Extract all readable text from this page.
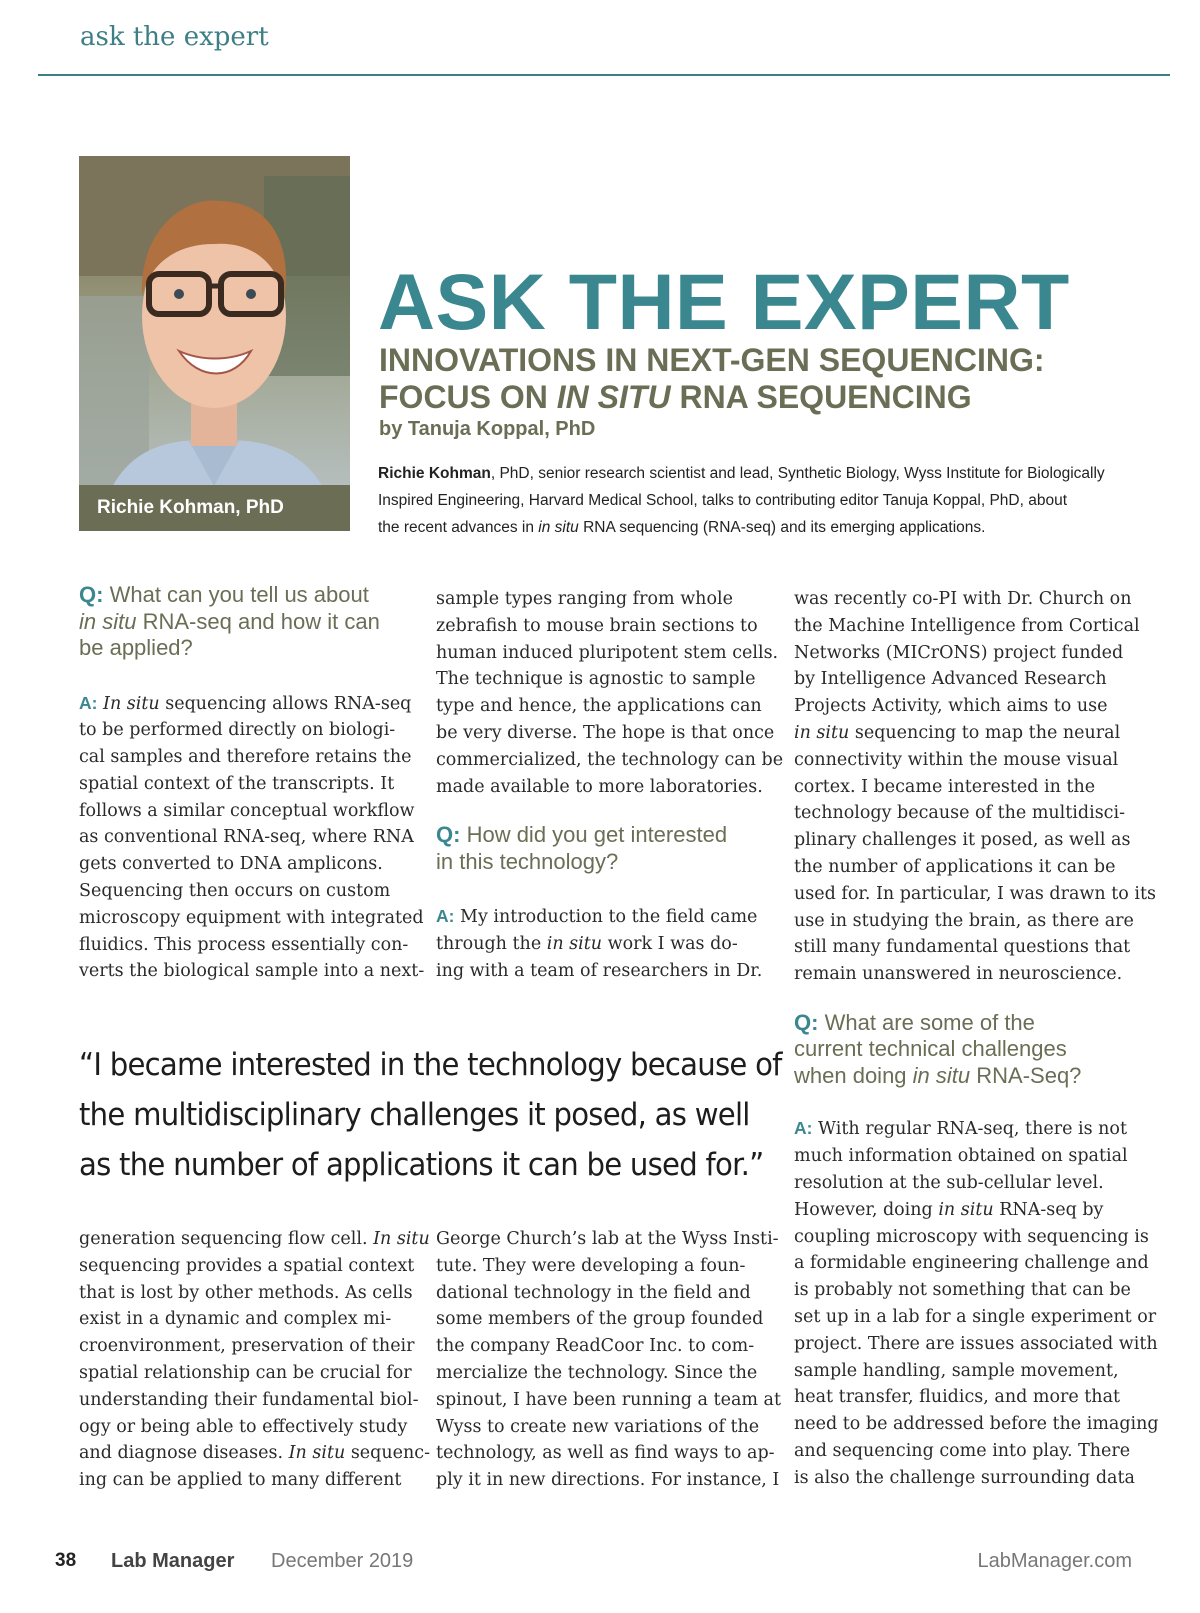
ask the expert
Richie Kohman, PhD
ASK THE EXPERT
INNOVATIONS IN NEXT-GEN SEQUENCING:
FOCUS ON IN SITU RNA SEQUENCING
by Tanuja Koppal, PhD
Richie Kohman, PhD, senior research scientist and lead, Synthetic Biology, Wyss Institute for Biologically
Inspired Engineering, Harvard Medical School, talks to contributing editor Tanuja Koppal, PhD, about
the recent advances in in situ RNA sequencing (RNA-seq) and its emerging applications.
Q: What can you tell us about
in situ RNA-seq and how it can
be applied?

A: In situ sequencing allows RNA-seq

to be performed directly on biologi-

cal samples and therefore retains the

spatial context of the transcripts. It

follows a similar conceptual workflow

as conventional RNA-seq, where RNA

gets converted to DNA amplicons.

Sequencing then occurs on custom

microscopy equipment with integrated

fluidics. This process essentially con-

verts the biological sample into a next-

sample types ranging from whole

zebrafish to mouse brain sections to

human induced pluripotent stem cells.

The technique is agnostic to sample

type and hence, the applications can

be very diverse. The hope is that once

commercialized, the technology can be

made available to more laboratories.

Q: How did you get interested
in this technology?

A: My introduction to the field came

through the in situ work I was do-

ing with a team of researchers in Dr.

was recently co-PI with Dr. Church on

the Machine Intelligence from Cortical

Networks (MICrONS) project funded

by Intelligence Advanced Research

Projects Activity, which aims to use

in situ sequencing to map the neural

connectivity within the mouse visual

cortex. I became interested in the

technology because of the multidisci-

plinary challenges it posed, as well as

the number of applications it can be

used for. In particular, I was drawn to its

use in studying the brain, as there are

still many fundamental questions that

remain unanswered in neuroscience.

Q: What are some of the
current technical challenges
when doing in situ RNA-Seq?

A: With regular RNA-seq, there is not

much information obtained on spatial

resolution at the sub-cellular level.

However, doing in situ RNA-seq by

coupling microscopy with sequencing is

a formidable engineering challenge and

is probably not something that can be

set up in a lab for a single experiment or

project. There are issues associated with

sample handling, sample movement,

heat transfer, fluidics, and more that

need to be addressed before the imaging

and sequencing come into play. There

is also the challenge surrounding data

“I became interested in the technology because of
the multidisciplinary challenges it posed, as well
as the number of applications it can be used for.”

generation sequencing flow cell. In situ

sequencing provides a spatial context

that is lost by other methods. As cells

exist in a dynamic and complex mi-

croenvironment, preservation of their

spatial relationship can be crucial for

understanding their fundamental biol-

ogy or being able to effectively study

and diagnose diseases. In situ sequenc-

ing can be applied to many different

George Church’s lab at the Wyss Insti-

tute. They were developing a foun-

dational technology in the field and

some members of the group founded

the company ReadCoor Inc. to com-

mercialize the technology. Since the

spinout, I have been running a team at

Wyss to create new variations of the

technology, as well as find ways to ap-

ply it in new directions. For instance, I

38 Lab Manager December 2019	LabManager.com
